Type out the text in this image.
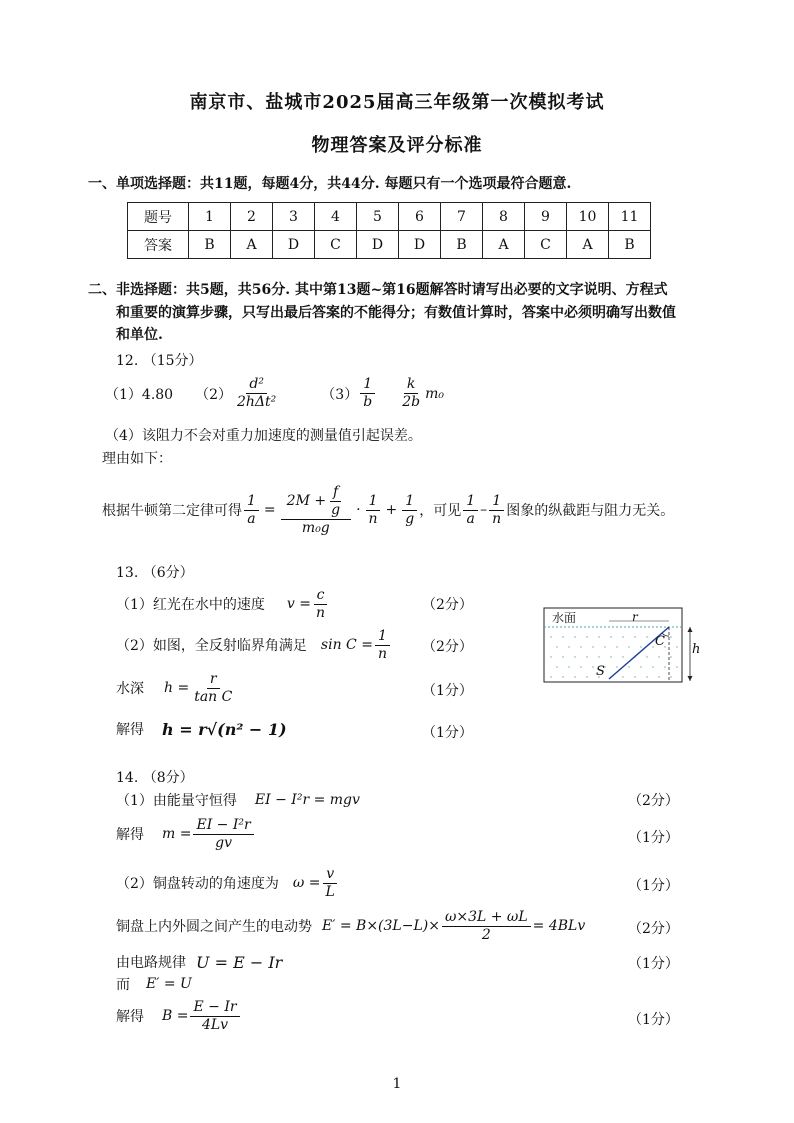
南京市、盐城市2025届高三年级第一次模拟考试
物理答案及评分标准
一、单项选择题：共11题，每题4分，共44分. 每题只有一个选项最符合题意.
题号	1	2	3	4	5	6	7	8	9	10	11
答案	B	A	D	C	D	D	B	A	C	A	B
二、非选择题：共5题，共56分. 其中第13题~第16题解答时请写出必要的文字说明、方程式
和重要的演算步骤，只写出最后答案的不能得分；有数值计算时，答案中必须明确写出数值
和单位.
12. （15分）
（1）4.80 $(2) \frac{\text{d²}}{\text{2hΔt²}}$	$(3) \frac{1}{b} \frac{k}{2b} m_0$
（4）该阻力不会对重力加速度的测量值引起误差。
理由如下：
根据牛顿第二定律可得 $\frac{1}{a} = \frac{2M + \frac{f}{g}}{\text{m₀g}} \cdot \frac{1}{n} + \frac{1}{g}$ ，可见 $\frac{1}{a} - \frac{1}{n}$ 图象的纵截距与阻力无关。
13. （6分）
（1）红光在水中的速度 $v = \frac{c}{n}$	（2分）
（2）如图，全反射临界角满足 $\sin C = \frac{1}{n} (2$分）
水深 $h = \frac{r}{\text{tan C}}$	（1分）
解得 h = r√(n² − 1)	（1分）
水面	r
C
S
h
14. （8分）
（1）由能量守恒得 EI − I²r = mgv	（2分）
解得 $m = \frac{\text{EI − I²r}}{gv}$	（1分）
（2）铜盘转动的角速度为 $\omega = \frac{v}{L}$	（1分）
铜盘上内外圆之间产生的电动势 $E' = B\times(3L-L)\times \frac{\omega\times 3L + \omega L}{2} = 4BLv$	（2分）
由电路规律 U = E − Ir	（1分）
而 E′ = U
解得 $B = \frac{E - Ir}{4Lv}$	（1分）
1
